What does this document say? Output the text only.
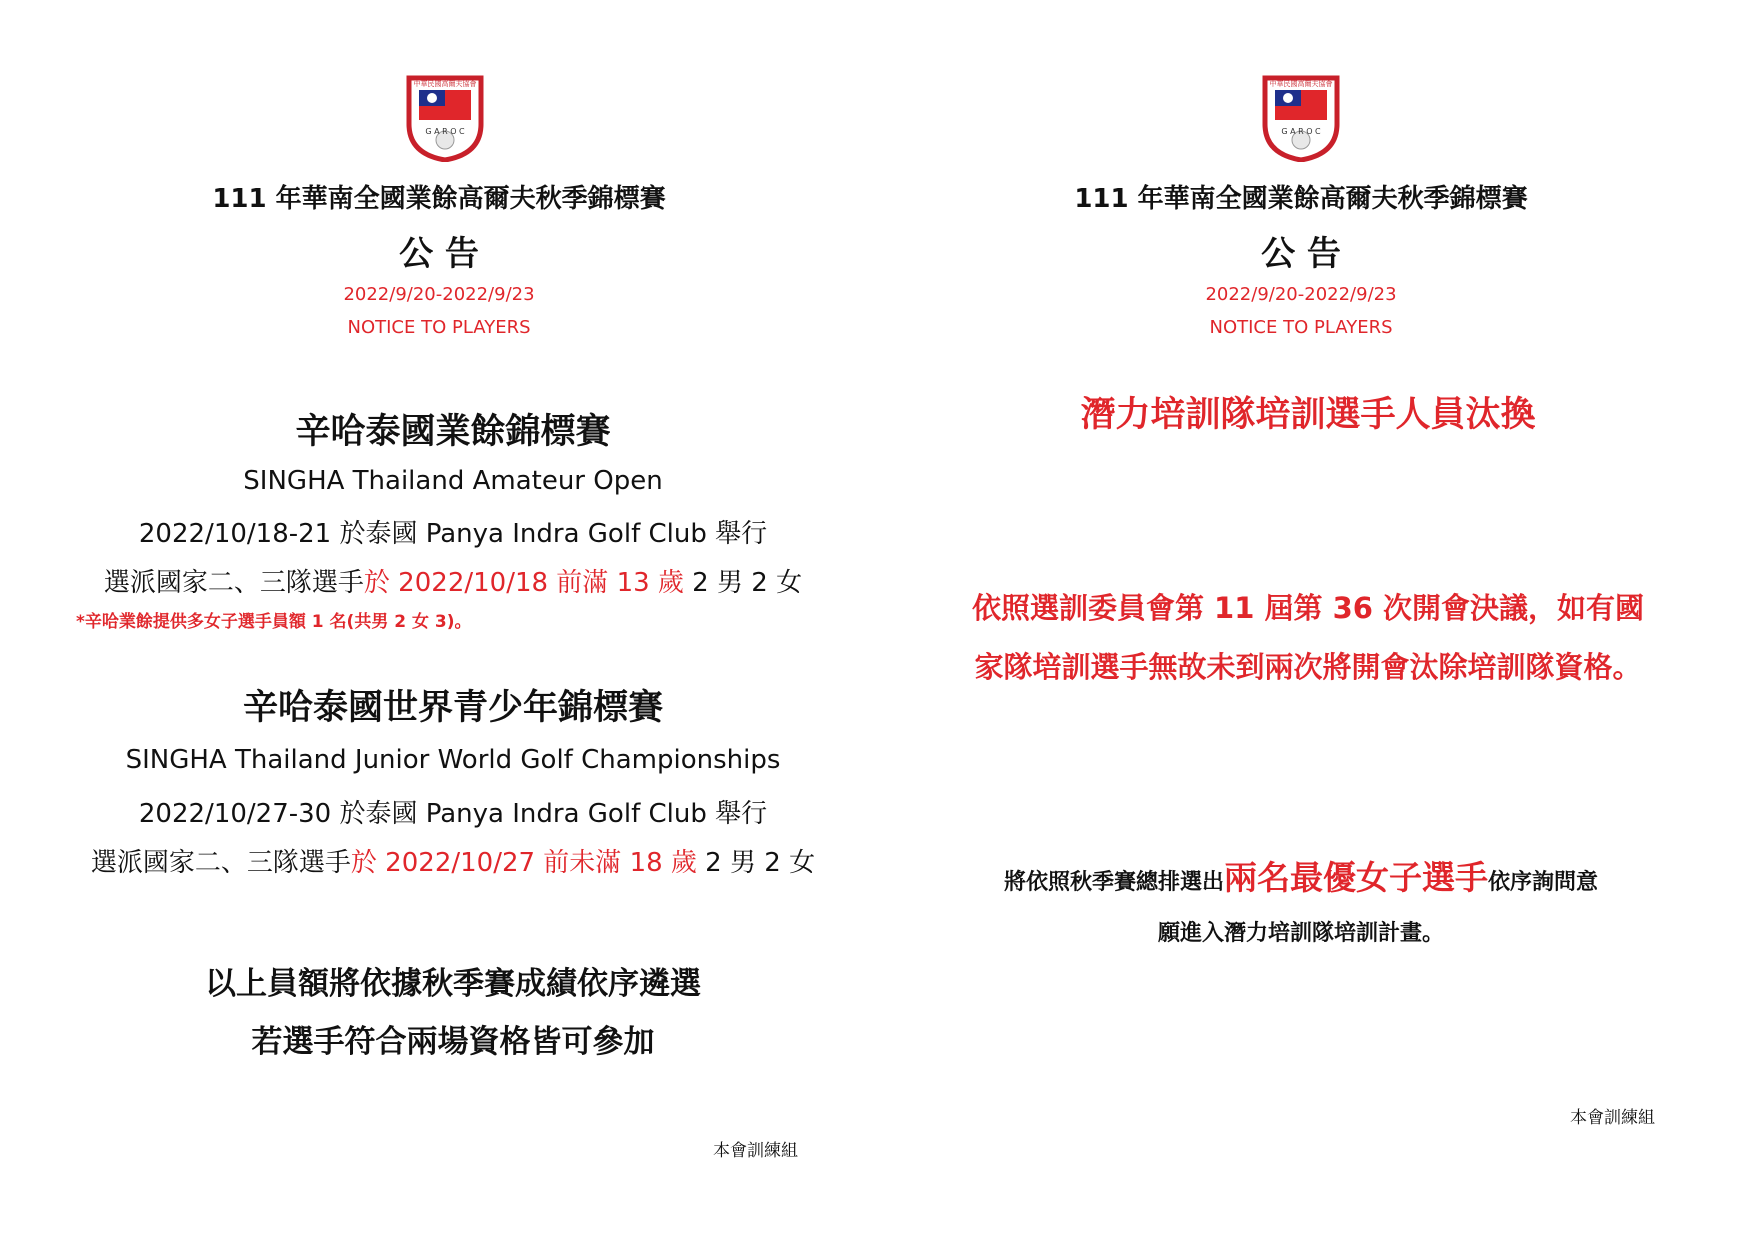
中華民國高爾夫協會
G A R O C
111 年華南全國業餘高爾夫秋季錦標賽
公 告
2022/9/20-2022/9/23
NOTICE TO PLAYERS
辛哈泰國業餘錦標賽
SINGHA Thailand Amateur Open
2022/10/18-21 於泰國 Panya Indra Golf Club 舉行
選派國家二、三隊選手於 2022/10/18 前滿 13 歲 2 男 2 女
*辛哈業餘提供多女子選手員額 1 名(共男 2 女 3)。
辛哈泰國世界青少年錦標賽
SINGHA Thailand Junior World Golf Championships
2022/10/27-30 於泰國 Panya Indra Golf Club 舉行
選派國家二、三隊選手於 2022/10/27 前未滿 18 歲 2 男 2 女
以上員額將依據秋季賽成績依序遴選
若選手符合兩場資格皆可參加
本會訓練組
中華民國高爾夫協會
G A R O C
111 年華南全國業餘高爾夫秋季錦標賽
公 告
2022/9/20-2022/9/23
NOTICE TO PLAYERS
潛力培訓隊培訓選手人員汰換
依照選訓委員會第 11 屆第 36 次開會決議，如有國
家隊培訓選手無故未到兩次將開會汰除培訓隊資格。
將依照秋季賽總排選出兩名最優女子選手依序詢問意
願進入潛力培訓隊培訓計畫。
本會訓練組
